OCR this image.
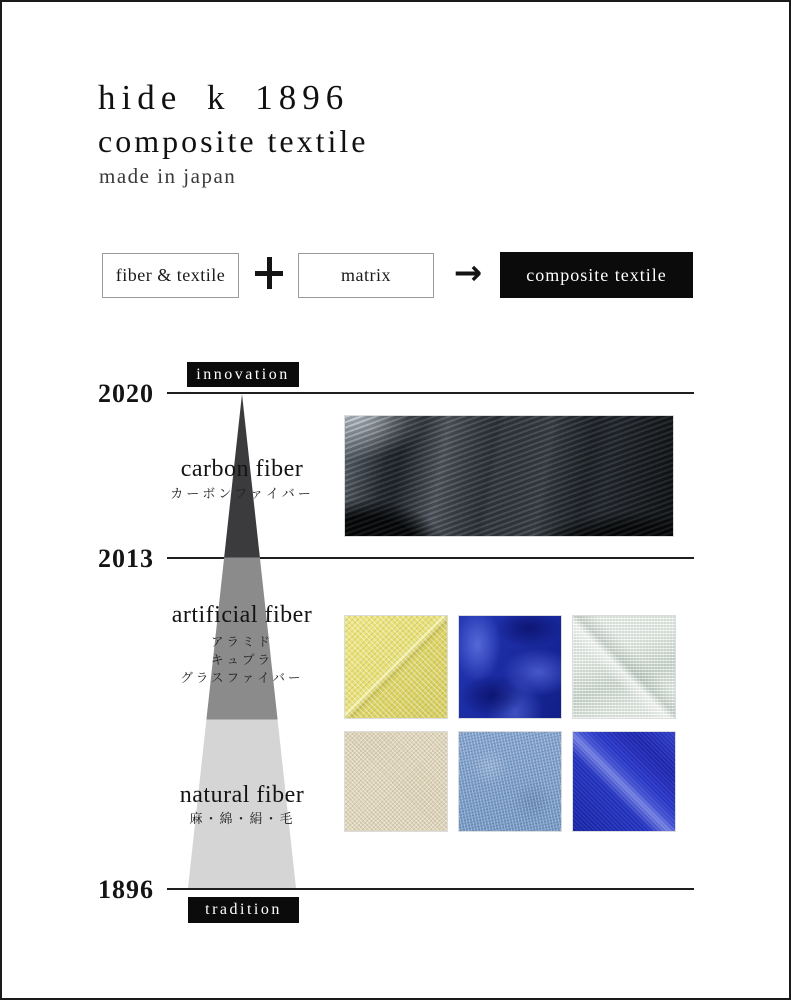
hide k 1896
composite textile
made in japan
fiber & textile	matrix →	composite textile
2020
2013
1896
innovation
tradition
carbon fiber
カーボンファイバー
artificial fiber
アラミド
キュプラ
グラスファイバー
natural fiber
麻・綿・絹・毛
